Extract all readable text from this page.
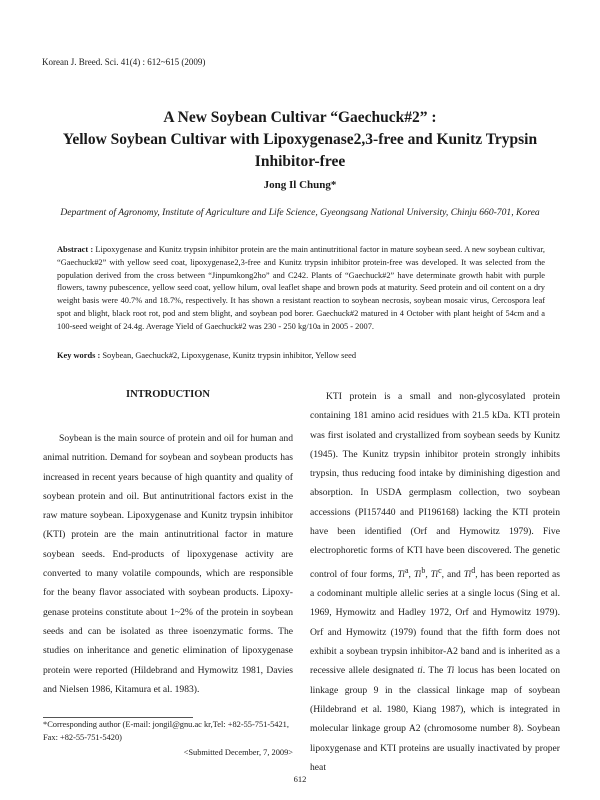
Korean J. Breed. Sci. 41(4) : 612~615 (2009)
A New Soybean Cultivar “Gaechuck#2” :
Yellow Soybean Cultivar with Lipoxygenase2,3-free and Kunitz Trypsin
Inhibitor-free
Jong Il Chung*
Department of Agronomy, Institute of Agriculture and Life Science, Gyeongsang National University, Chinju 660-701, Korea
Abstract : Lipoxygenase and Kunitz trypsin inhibitor protein are the main antinutritional factor in mature soybean seed. A new soybean cultivar, “Gaechuck#2” with yellow seed coat, lipoxygenase2,3-free and Kunitz trypsin inhibitor protein-free was developed. It was selected from the population derived from the cross between “Jinpumkong2ho” and C242. Plants of “Gaechuck#2” have determinate growth habit with purple flowers, tawny pubescence, yellow seed coat, yellow hilum, oval leaflet shape and brown pods at maturity. Seed protein and oil content on a dry weight basis were 40.7% and 18.7%, respectively. It has shown a resistant reaction to soybean necrosis, soybean mosaic virus, Cercospora leaf spot and blight, black root rot, pod and stem blight, and soybean pod borer. Gaechuck#2 matured in 4 October with plant height of 54cm and a 100-seed weight of 24.4g. Average Yield of Gaechuck#2 was 230 - 250 kg/10a in 2005 - 2007.
Key words : Soybean, Gaechuck#2, Lipoxygenase, Kunitz trypsin inhibitor, Yellow seed
INTRODUCTION

Soybean is the main source of protein and oil for human and animal nutrition. Demand for soybean and soybean products has increased in recent years because of high quantity and quality of soybean protein and oil. But antinutritional factors exist in the raw mature soybean. Lipoxygenase and Kunitz trypsin inhibitor (KTI) protein are the main antinutritional factor in mature soybean seeds. End-products of lipoxygenase activity are converted to many volatile compounds, which are responsible for the beany flavor associated with soybean products. Lipoxy-genase proteins constitute about 1~2% of the protein in soybean seeds and can be isolated as three isoenzymatic forms. The studies on inheritance and genetic elimination of lipoxygenase protein were reported (Hildebrand and Hymowitz 1981, Davies and Nielsen 1986, Kitamura et al. 1983).

KTI protein is a small and non-glycosylated protein containing 181 amino acid residues with 21.5 kDa. KTI protein was first isolated and crystallized from soybean seeds by Kunitz (1945). The Kunitz trypsin inhibitor protein strongly inhibits trypsin, thus reducing food intake by diminishing digestion and absorption. In USDA germplasm collection, two soybean accessions (PI157440 and PI196168) lacking the KTI protein have been identified (Orf and Hymowitz 1979). Five electrophoretic forms of KTI have been discovered. The genetic control of four forms, Ti$^a$, Ti$^b$, Ti$^c$, and Ti$^d$, has been reported as a codominant multiple allelic series at a single locus (Sing et al. 1969, Hymowitz and Hadley 1972, Orf and Hymowitz 1979). Orf and Hymowitz (1979) found that the fifth form does not exhibit a soybean trypsin inhibitor-A2 band and is inherited as a recessive allele designated ti. The Ti locus has been located on linkage group 9 in the classical linkage map of soybean (Hildebrand et al. 1980, Kiang 1987), which is integrated in molecular linkage group A2 (chromosome number 8). Soybean lipoxygenase and KTI proteins are usually inactivated by proper heat

*Corresponding author (E-mail: jongil@gnu.ac kr,Tel: +82-55-751-5421, Fax: +82-55-751-5420)
<Submitted December, 7, 2009>
612
